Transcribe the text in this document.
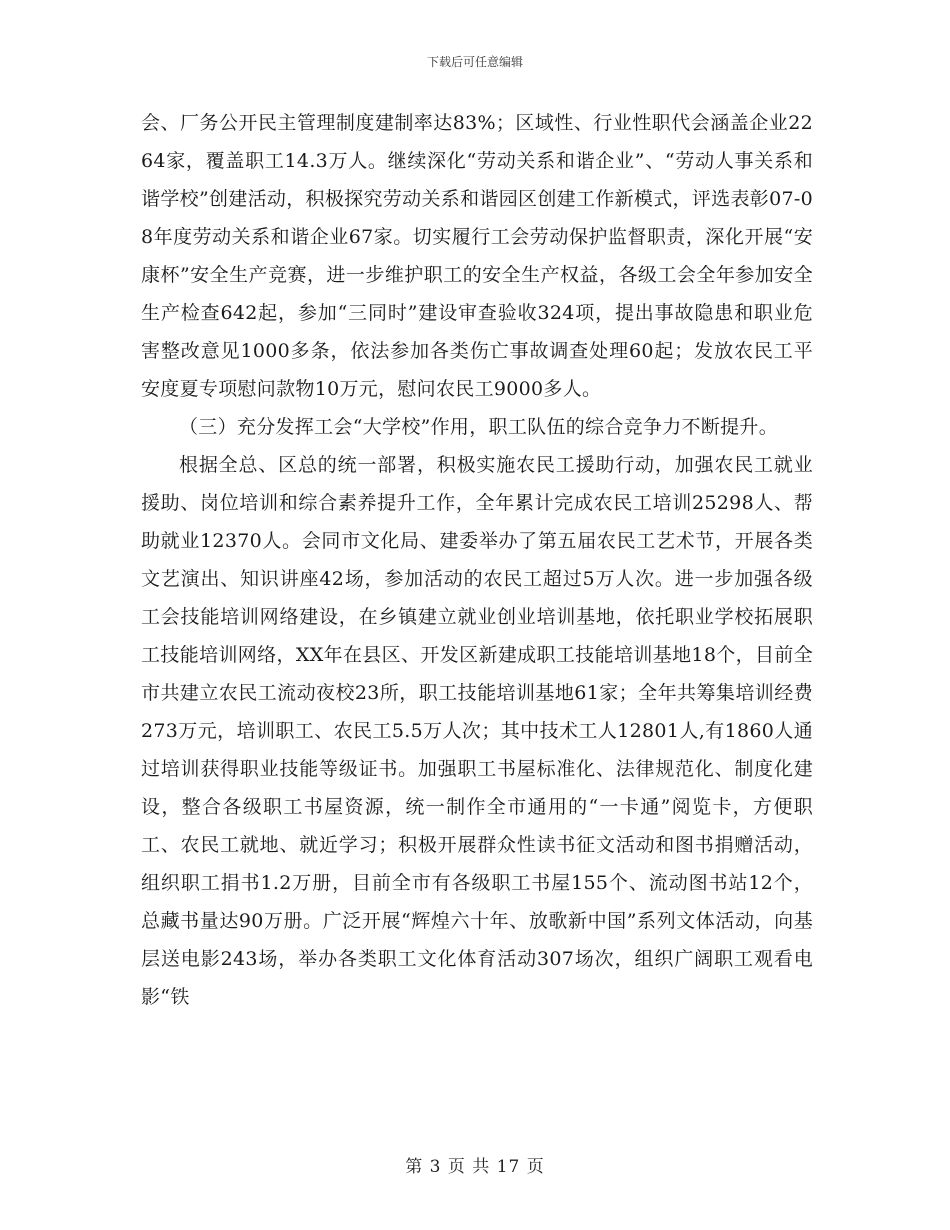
下载后可任意编辑

会、厂务公开民主管理制度建制率达83%；区域性、行业性职代会涵盖企业2264家，覆盖职工14.3万人。继续深化“劳动关系和谐企业”、“劳动人事关系和谐学校”创建活动，积极探究劳动关系和谐园区创建工作新模式，评选表彰07-08年度劳动关系和谐企业67家。切实履行工会劳动保护监督职责，深化开展“安康杯”安全生产竞赛，进一步维护职工的安全生产权益，各级工会全年参加安全生产检查642起，参加“三同时”建设审查验收324项，提出事故隐患和职业危害整改意见1000多条，依法参加各类伤亡事故调查处理60起；发放农民工平安度夏专项慰问款物10万元，慰问农民工9000多人。

（三）充分发挥工会“大学校”作用，职工队伍的综合竞争力不断提升。

根据全总、区总的统一部署，积极实施农民工援助行动，加强农民工就业援助、岗位培训和综合素养提升工作，全年累计完成农民工培训25298人、帮助就业12370人。会同市文化局、建委举办了第五届农民工艺术节，开展各类文艺演出、知识讲座42场，参加活动的农民工超过5万人次。进一步加强各级工会技能培训网络建设，在乡镇建立就业创业培训基地，依托职业学校拓展职工技能培训网络，XX年在县区、开发区新建成职工技能培训基地18个，目前全市共建立农民工流动夜校23所，职工技能培训基地61家；全年共筹集培训经费273万元，培训职工、农民工5.5万人次；其中技术工人12801人,有1860人通过培训获得职业技能等级证书。加强职工书屋标准化、法律规范化、制度化建设，整合各级职工书屋资源，统一制作全市通用的“一卡通”阅览卡，方便职工、农民工就地、就近学习；积极开展群众性读书征文活动和图书捐赠活动，组织职工捐书1.2万册，目前全市有各级职工书屋155个、流动图书站12个，总藏书量达90万册。广泛开展“辉煌六十年、放歌新中国”系列文体活动，向基层送电影243场，举办各类职工文化体育活动307场次，组织广阔职工观看电影“铁

第 3 页 共 17 页
